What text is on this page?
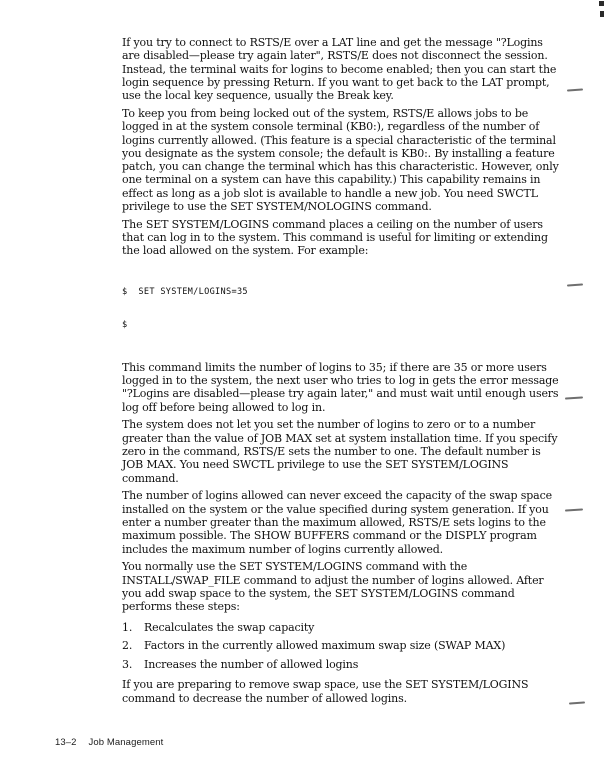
If you try to connect to RSTS/E over a LAT line and get the message "?Logins are disabled—please try again later", RSTS/E does not disconnect the session. Instead, the terminal waits for logins to become enabled; then you can start the login sequence by pressing Return. If you want to get back to the LAT prompt, use the local key sequence, usually the Break key.

To keep you from being locked out of the system, RSTS/E allows jobs to be logged in at the system console terminal (KB0:), regardless of the number of logins currently allowed. (This feature is a special characteristic of the terminal you designate as the system console; the default is KB0:. By installing a feature patch, you can change the terminal which has this characteristic. However, only one terminal on a system can have this capability.) This capability remains in effect as long as a job slot is available to handle a new job. You need SWCTL privilege to use the SET SYSTEM/NOLOGINS command.

The SET SYSTEM/LOGINS command places a ceiling on the number of users that can log in to the system. This command is useful for limiting or extending the load allowed on the system. For example:

$  SET SYSTEM/LOGINS=35

$

This command limits the number of logins to 35; if there are 35 or more users logged in to the system, the next user who tries to log in gets the error message "?Logins are disabled—please try again later," and must wait until enough users log off before being allowed to log in.

The system does not let you set the number of logins to zero or to a number greater than the value of JOB MAX set at system installation time. If you specify zero in the command, RSTS/E sets the number to one. The default number is JOB MAX. You need SWCTL privilege to use the SET SYSTEM/LOGINS command.

The number of logins allowed can never exceed the capacity of the swap space installed on the system or the value specified during system generation. If you enter a number greater than the maximum allowed, RSTS/E sets logins to the maximum possible. The SHOW BUFFERS command or the DISPLY program includes the maximum number of logins currently allowed.

You normally use the SET SYSTEM/LOGINS command with the INSTALL/SWAP_FILE command to adjust the number of logins allowed. After you add swap space to the system, the SET SYSTEM/LOGINS command performs these steps:

1.	Recalculates the swap capacity
2.	Factors in the currently allowed maximum swap size (SWAP MAX)
3.	Increases the number of allowed logins

If you are preparing to remove swap space, use the SET SYSTEM/LOGINS command to decrease the number of allowed logins.

13–2 Job Management
